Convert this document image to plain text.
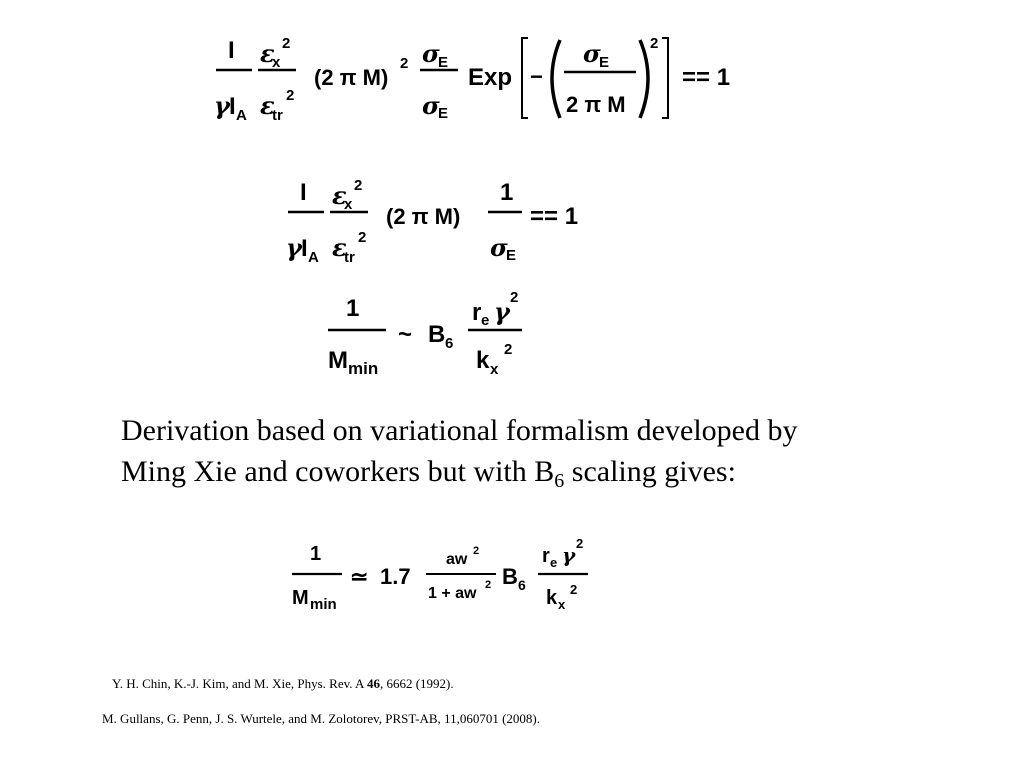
I
γ I A
ε
x
2
ε
tr
2
(2 π M)
2 σ
E
σ
E
Exp −
σ
E
2 π M
2
== 1
I
γ I A
ε
x
2
ε
tr
2
(2 π M)
1
σ
E
== 1
1
M min
~ B 6
r e γ 2
k x
2
Derivation based on variational formalism developed by
Ming Xie and coworkers but with $B_6$ scaling gives:
1
M min
≃ 1.7
aw 2
1 + aw 2 B 6
r e γ 2
k x
2
Y. H. Chin, K.-J. Kim, and M. Xie, Phys. Rev. A 46, 6662 (1992).
M. Gullans, G. Penn, J. S. Wurtele, and M. Zolotorev, PRST-AB, 11,060701 (2008).
